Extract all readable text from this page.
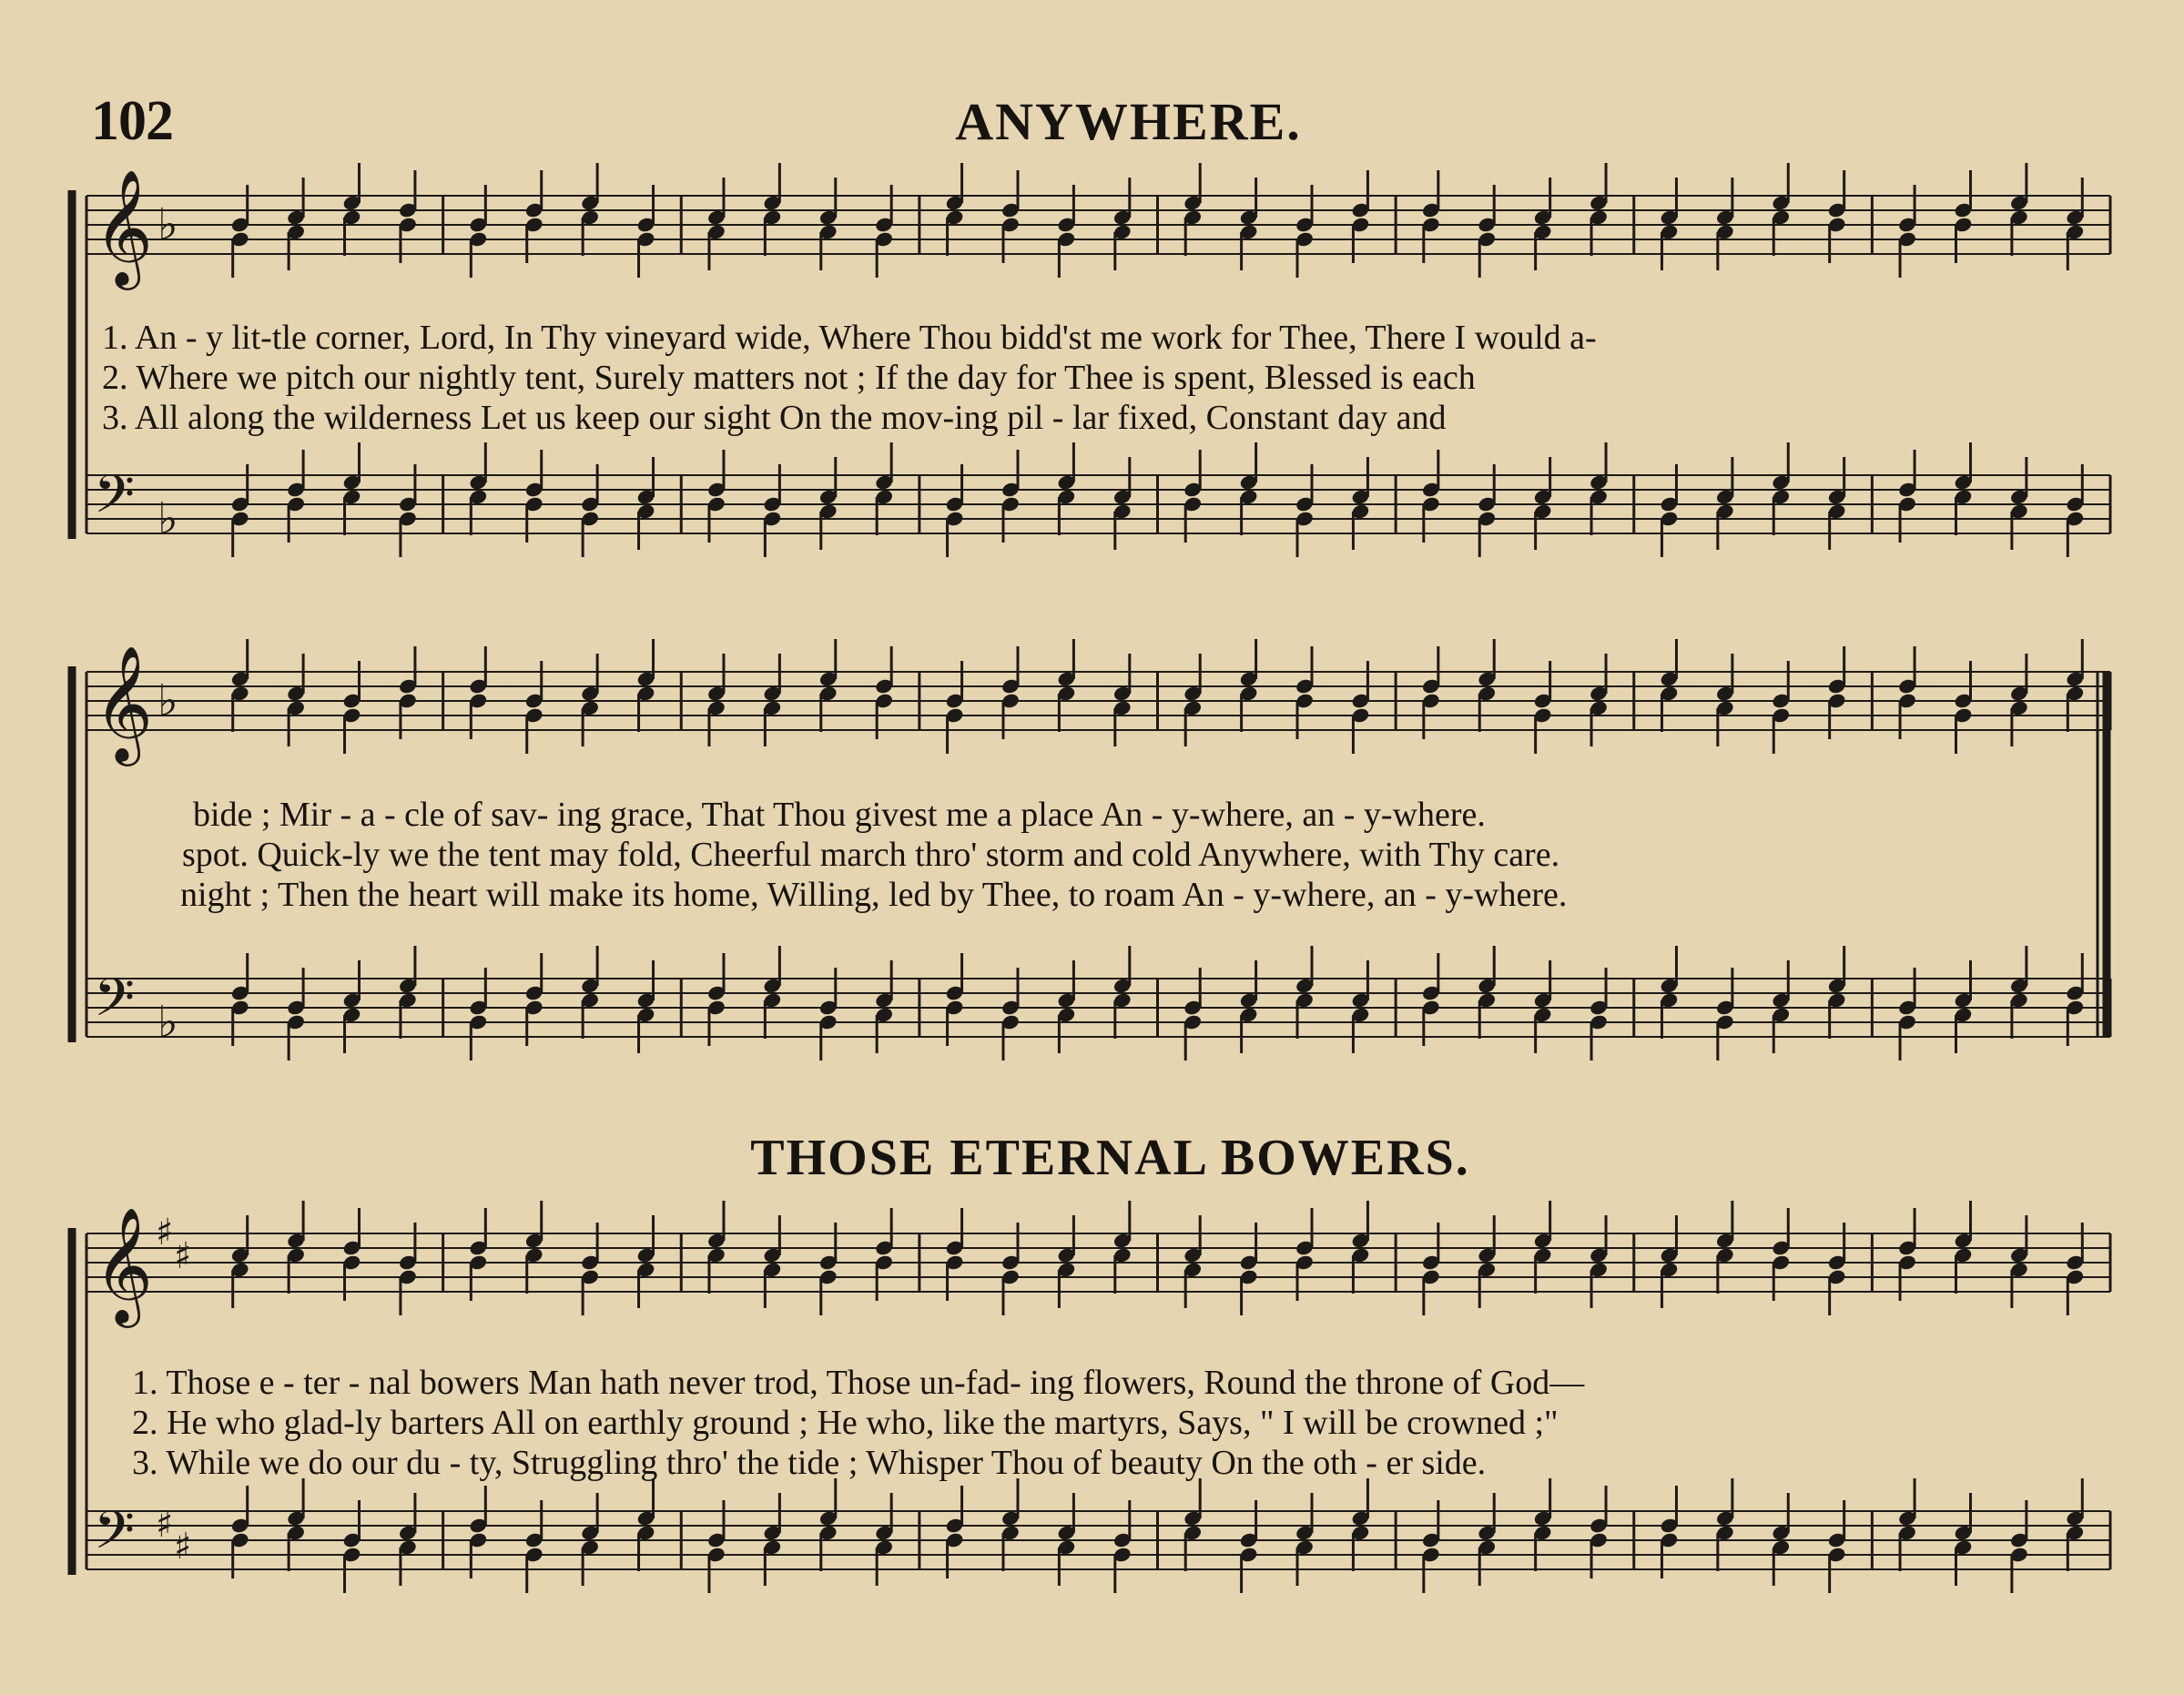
𝄞 ♭
𝄢 ♭
𝄞 ♭
𝄢 ♭
𝄞 ♯
♯
𝄢 ♯
♯
102	ANYWHERE.
THOSE ETERNAL BOWERS.
1. An - y lit-tle corner, Lord, In Thy vineyard wide, Where Thou bidd'st me work for Thee, There I would a-
2. Where we pitch our nightly tent, Surely matters not ; If the day for Thee is spent, Blessed is each
3. All along the wilderness Let us keep our sight On the mov-ing pil - lar fixed, Constant day and
bide ; Mir - a - cle of sav- ing grace, That Thou givest me a place An - y-where, an - y-where.
spot. Quick-ly we the tent may fold, Cheerful march thro' storm and cold Anywhere, with Thy care.
night ; Then the heart will make its home, Willing, led by Thee, to roam An - y-where, an - y-where.
1. Those e - ter - nal bowers Man hath never trod, Those un-fad- ing flowers, Round the throne of God—
2. He who glad-ly barters All on earthly ground ; He who, like the martyrs, Says, " I will be crowned ;"
3. While we do our du - ty, Struggling thro' the tide ; Whisper Thou of beauty On the oth - er side.
